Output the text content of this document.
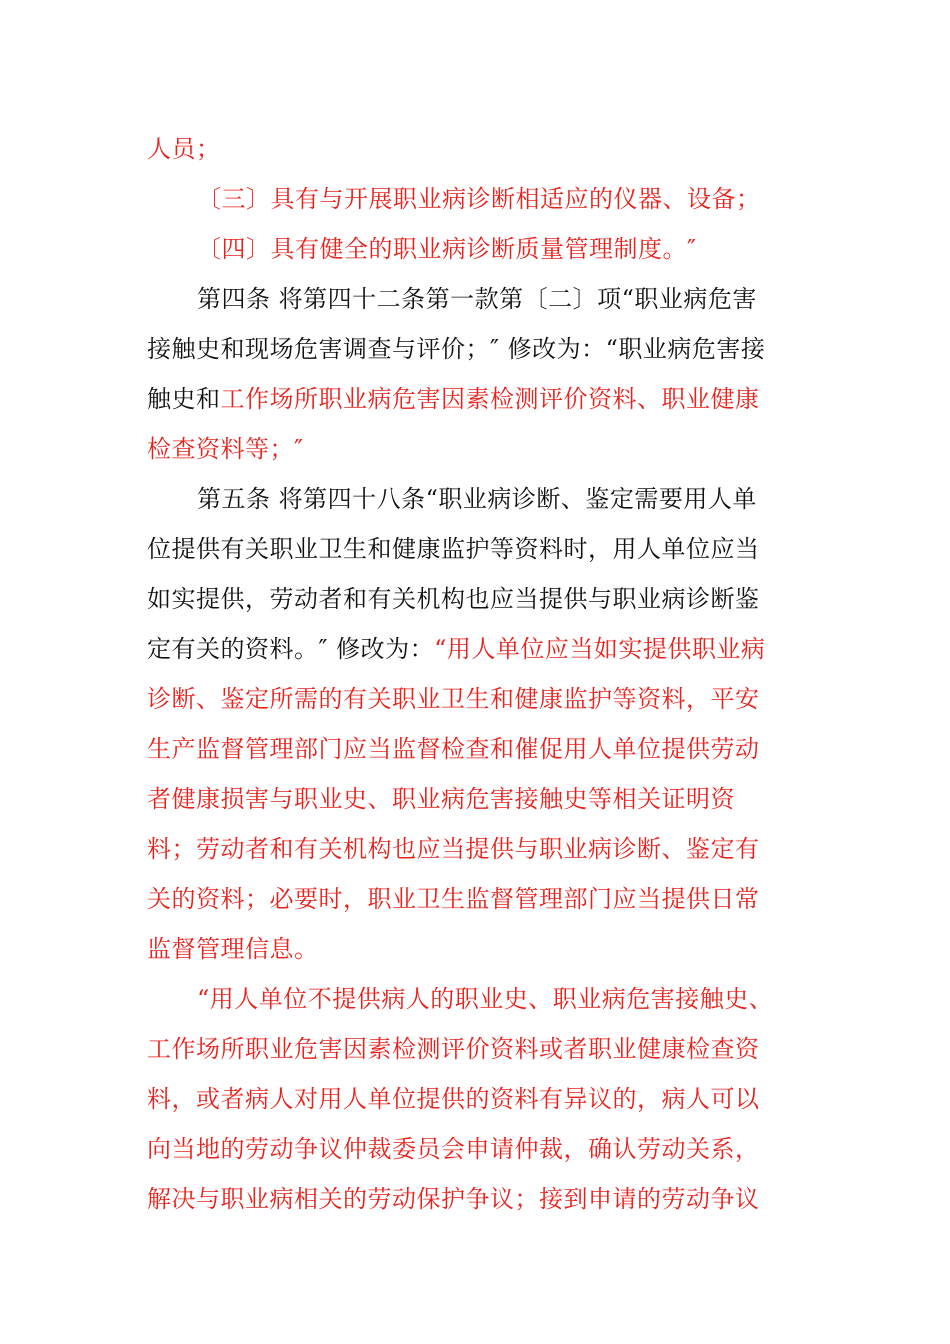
人员；
〔三〕具有与开展职业病诊断相适应的仪器、设备；
〔四〕具有健全的职业病诊断质量管理制度。″
第四条 将第四十二条第一款第〔二〕项“职业病危害
接触史和现场危害调查与评价；″ 修改为：“职业病危害接
触史和工作场所职业病危害因素检测评价资料、职业健康
检查资料等；″
第五条 将第四十八条“职业病诊断、鉴定需要用人单
位提供有关职业卫生和健康监护等资料时，用人单位应当
如实提供，劳动者和有关机构也应当提供与职业病诊断鉴
定有关的资料。″ 修改为：“用人单位应当如实提供职业病
诊断、鉴定所需的有关职业卫生和健康监护等资料，平安
生产监督管理部门应当监督检查和催促用人单位提供劳动
者健康损害与职业史、职业病危害接触史等相关证明资
料；劳动者和有关机构也应当提供与职业病诊断、鉴定有
关的资料；必要时，职业卫生监督管理部门应当提供日常
监督管理信息。
“用人单位不提供病人的职业史、职业病危害接触史、
工作场所职业危害因素检测评价资料或者职业健康检查资
料，或者病人对用人单位提供的资料有异议的，病人可以
向当地的劳动争议仲裁委员会申请仲裁，确认劳动关系，
解决与职业病相关的劳动保护争议；接到申请的劳动争议
